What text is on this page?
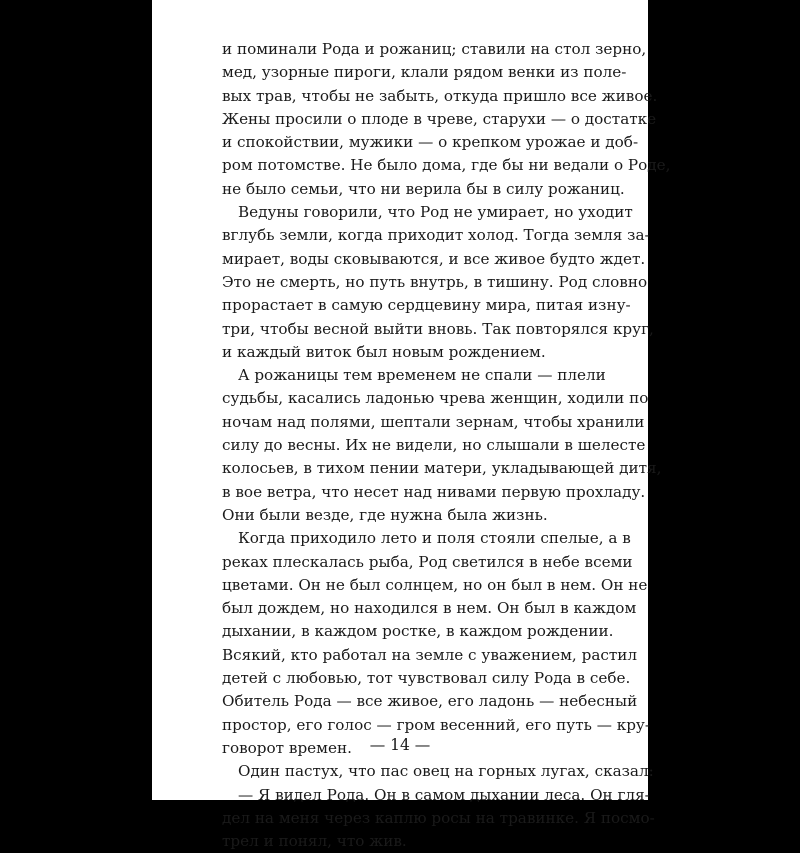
и поминали Рода и рожаниц; ставили на стол зерно,
мед, узорные пироги, клали рядом венки из поле-
вых трав, чтобы не забыть, откуда пришло все живое.
Жены просили о плоде в чреве, старухи — о достатке
и спокойствии, мужики — о крепком урожае и доб-
ром потомстве. Не было дома, где бы ни ведали о Роде,
не было семьи, что ни верила бы в силу рожаниц.
Ведуны говорили, что Род не умирает, но уходит
вглубь земли, когда приходит холод. Тогда земля за-
мирает, воды сковываются, и все живое будто ждет.
Это не смерть, но путь внутрь, в тишину. Род словно
прорастает в самую сердцевину мира, питая изну-
три, чтобы весной выйти вновь. Так повторялся круг,
и каждый виток был новым рождением.
А рожаницы тем временем не спали — плели
судьбы, касались ладонью чрева женщин, ходили по
ночам над полями, шептали зернам, чтобы хранили
силу до весны. Их не видели, но слышали в шелесте
колосьев, в тихом пении матери, укладывающей дитя,
в вое ветра, что несет над нивами первую прохладу.
Они были везде, где нужна была жизнь.
Когда приходило лето и поля стояли спелые, а в
реках плескалась рыба, Род светился в небе всеми
цветами. Он не был солнцем, но он был в нем. Он не
был дождем, но находился в нем. Он был в каждом
дыхании, в каждом ростке, в каждом рождении.
Всякий, кто работал на земле с уважением, растил
детей с любовью, тот чувствовал силу Рода в себе.
Обитель Рода — все живое, его ладонь — небесный
простор, его голос — гром весенний, его путь — кру-
говорот времен.
Один пастух, что пас овец на горных лугах, сказал:
— Я видел Рода. Он в самом дыхании леса. Он гля-
дел на меня через каплю росы на травинке. Я посмо-
трел и понял, что жив.
— 14 —
